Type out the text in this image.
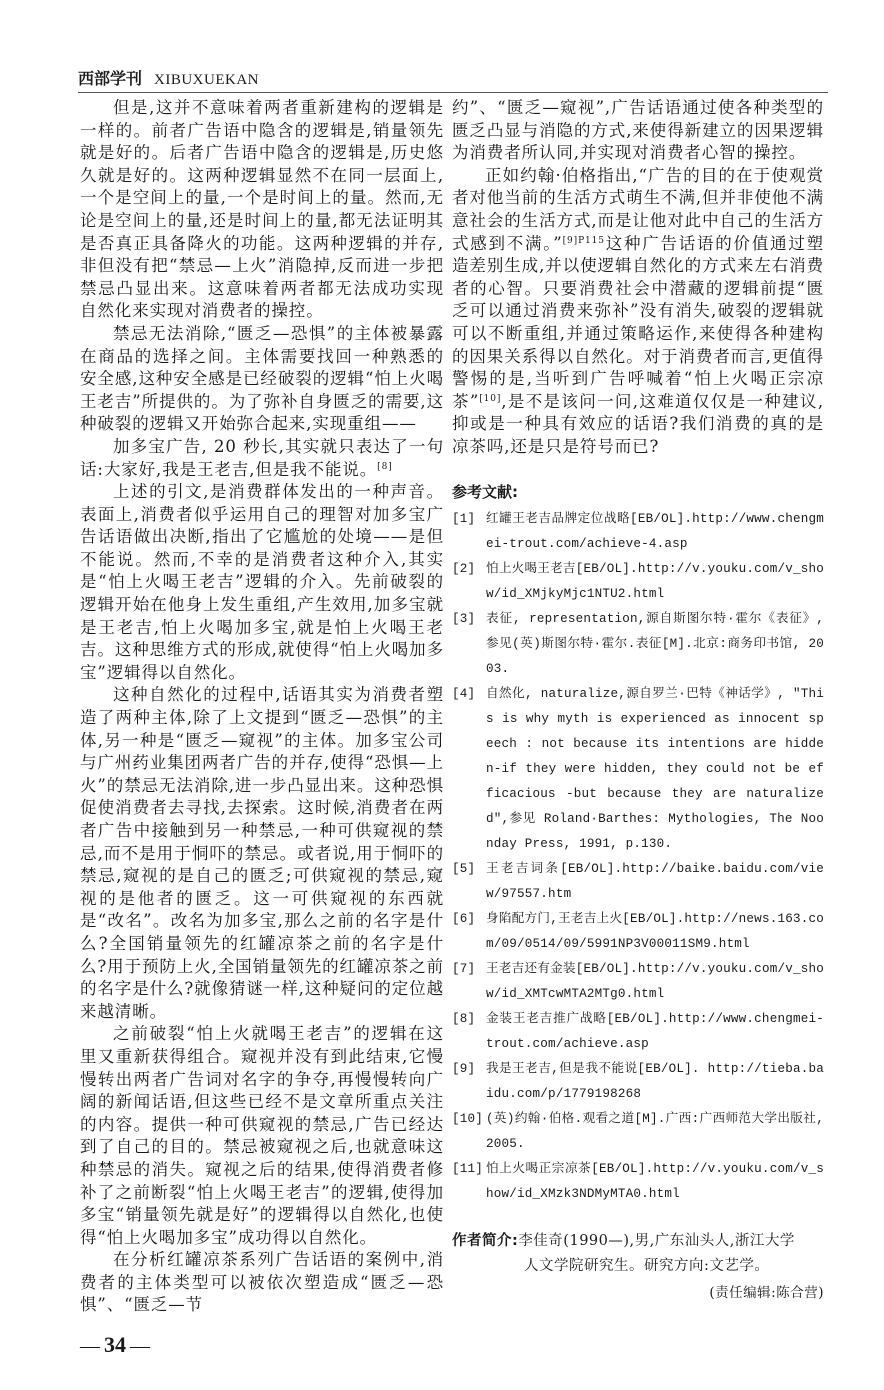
西部学刊 XIBUXUEKAN

但是,这并不意味着两者重新建构的逻辑是一样的。前者广告语中隐含的逻辑是,销量领先就是好的。后者广告语中隐含的逻辑是,历史悠久就是好的。这两种逻辑显然不在同一层面上,一个是空间上的量,一个是时间上的量。然而,无论是空间上的量,还是时间上的量,都无法证明其是否真正具备降火的功能。这两种逻辑的并存,非但没有把“禁忌—上火”消隐掉,反而进一步把禁忌凸显出来。这意味着两者都无法成功实现自然化来实现对消费者的操控。

禁忌无法消除,“匮乏—恐惧”的主体被暴露在商品的选择之间。主体需要找回一种熟悉的安全感,这种安全感是已经破裂的逻辑“怕上火喝王老吉”所提供的。为了弥补自身匮乏的需要,这种破裂的逻辑又开始弥合起来,实现重组——

加多宝广告, 20 秒长,其实就只表达了一句话:大家好,我是王老吉,但是我不能说。[8]

上述的引文,是消费群体发出的一种声音。表面上,消费者似乎运用自己的理智对加多宝广告话语做出决断,指出了它尴尬的处境——是但不能说。然而,不幸的是消费者这种介入,其实是“怕上火喝王老吉”逻辑的介入。先前破裂的逻辑开始在他身上发生重组,产生效用,加多宝就是王老吉,怕上火喝加多宝,就是怕上火喝王老吉。这种思维方式的形成,就使得“怕上火喝加多宝”逻辑得以自然化。

这种自然化的过程中,话语其实为消费者塑造了两种主体,除了上文提到“匮乏—恐惧”的主体,另一种是“匮乏—窥视”的主体。加多宝公司与广州药业集团两者广告的并存,使得“恐惧—上火”的禁忌无法消除,进一步凸显出来。这种恐惧促使消费者去寻找,去探索。这时候,消费者在两者广告中接触到另一种禁忌,一种可供窥视的禁忌,而不是用于恫吓的禁忌。或者说,用于恫吓的禁忌,窥视的是自己的匮乏;可供窥视的禁忌,窥视的是他者的匮乏。这一可供窥视的东西就是“改名”。改名为加多宝,那么之前的名字是什么?全国销量领先的红罐凉茶之前的名字是什么?用于预防上火,全国销量领先的红罐凉茶之前的名字是什么?就像猜谜一样,这种疑问的定位越来越清晰。

之前破裂“怕上火就喝王老吉”的逻辑在这里又重新获得组合。窥视并没有到此结束,它慢慢转出两者广告词对名字的争夺,再慢慢转向广阔的新闻话语,但这些已经不是文章所重点关注的内容。提供一种可供窥视的禁忌,广告已经达到了自己的目的。禁忌被窥视之后,也就意味这种禁忌的消失。窥视之后的结果,使得消费者修补了之前断裂“怕上火喝王老吉”的逻辑,使得加多宝“销量领先就是好”的逻辑得以自然化,也使得“怕上火喝加多宝”成功得以自然化。

在分析红罐凉茶系列广告话语的案例中,消费者的主体类型可以被依次塑造成“匮乏—恐惧”、“匮乏—节

约”、“匮乏—窥视”,广告话语通过使各种类型的匮乏凸显与消隐的方式,来使得新建立的因果逻辑为消费者所认同,并实现对消费者心智的操控。

正如约翰·伯格指出,“广告的目的在于使观赏者对他当前的生活方式萌生不满,但并非使他不满意社会的生活方式,而是让他对此中自己的生活方式感到不满。”$^{[9]P115}$这种广告话语的价值通过塑造差别生成,并以使逻辑自然化的方式来左右消费者的心智。只要消费社会中潜藏的逻辑前提“匮乏可以通过消费来弥补”没有消失,破裂的逻辑就可以不断重组,并通过策略运作,来使得各种建构的因果关系得以自然化。对于消费者而言,更值得警惕的是,当听到广告呼喊着“怕上火喝正宗凉茶”[10],是不是该问一问,这难道仅仅是一种建议,抑或是一种具有效应的话语?我们消费的真的是凉茶吗,还是只是符号而已?

参考文献:
[1] 红罐王老吉品牌定位战略[EB/OL].http://www.chengmei-trout.com/achieve-4.asp
[2] 怕上火喝王老吉[EB/OL].http://v.youku.com/v_show/id_XMjkyMjc1NTU2.html
[3] 表征, representation,源自斯图尔特·霍尔《表征》,参见(英)斯图尔特·霍尔.表征[M].北京:商务印书馆, 2003.
[4] 自然化, naturalize,源自罗兰·巴特《神话学》, "This is why myth is experienced as innocent speech : not because its intentions are hidden-if they were hidden, they could not be efficacious -but because they are naturalized",参见 Roland·Barthes: Mythologies, The Noonday Press, 1991, p.130.
[5] 王老吉词条[EB/OL].http://baike.baidu.com/view/97557.htm
[6] 身陷配方门,王老吉上火[EB/OL].http://news.163.com/09/0514/09/5991NP3V00011SM9.html
[7] 王老吉还有金装[EB/OL].http://v.youku.com/v_show/id_XMTcwMTA2MTg0.html
[8] 金装王老吉推广战略[EB/OL].http://www.chengmei-trout.com/achieve.asp
[9] 我是王老吉,但是我不能说[EB/OL]. http://tieba.baidu.com/p/1779198268
[10] (英)约翰·伯格.观看之道[M].广西:广西师范大学出版社, 2005.
[11] 怕上火喝正宗凉茶[EB/OL].http://v.youku.com/v_show/id_XMzk3NDMyMTA0.html
作者简介:李佳奇(1990—),男,广东汕头人,浙江大学
人文学院研究生。研究方向:文艺学。
(责任编辑:陈合营)
— 34 —
